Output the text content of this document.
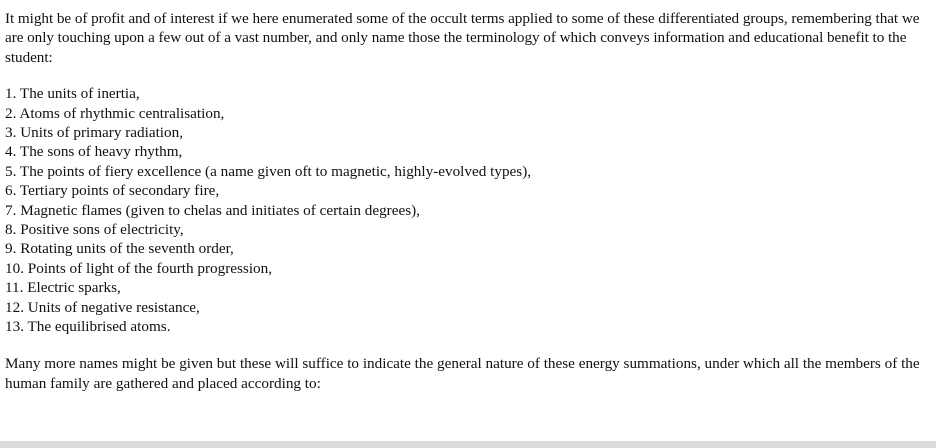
It might be of profit and of interest if we here enumerated some of the occult terms applied to some of these differentiated groups, remembering that we are only touching upon a few out of a vast number, and only name those the terminology of which conveys information and educational benefit to the student:

1. The units of inertia,
2. Atoms of rhythmic centralisation,
3. Units of primary radiation,
4. The sons of heavy rhythm,
5. The points of fiery excellence (a name given oft to magnetic, highly-evolved types),
6. Tertiary points of secondary fire,
7. Magnetic flames (given to chelas and initiates of certain degrees),
8. Positive sons of electricity,
9. Rotating units of the seventh order,
10. Points of light of the fourth progression,
11. Electric sparks,
12. Units of negative resistance,
13. The equilibrised atoms.

Many more names might be given but these will suffice to indicate the general nature of these energy summations, under which all the members of the human family are gathered and placed according to:
